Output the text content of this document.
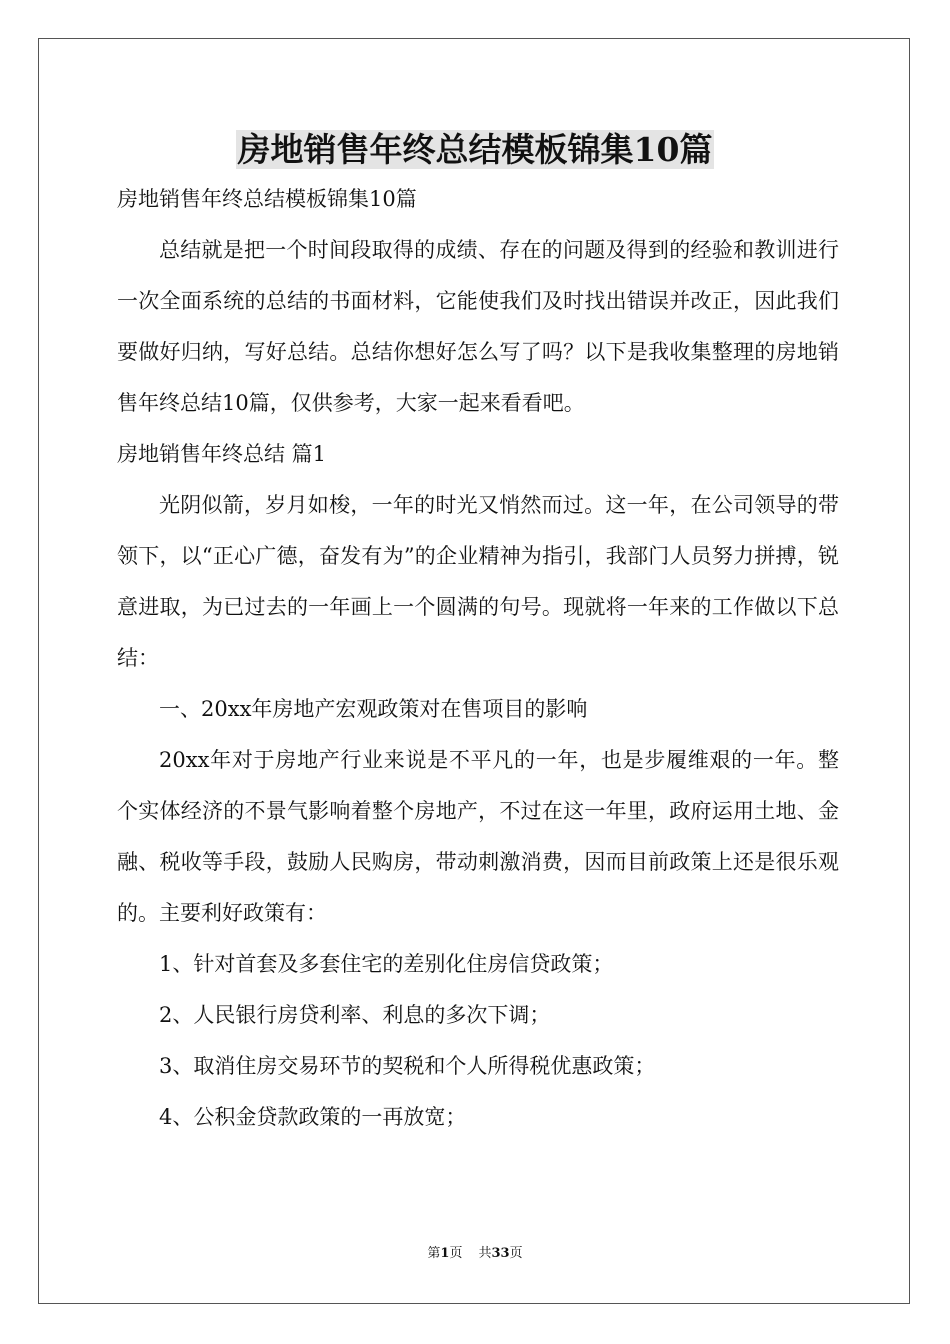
房地销售年终总结模板锦集10篇

房地销售年终总结模板锦集10篇

总结就是把一个时间段取得的成绩、存在的问题及得到的经验和教训进行一次全面系统的总结的书面材料，它能使我们及时找出错误并改正，因此我们要做好归纳，写好总结。总结你想好怎么写了吗？以下是我收集整理的房地销售年终总结10篇，仅供参考，大家一起来看看吧。

房地销售年终总结 篇1

光阴似箭，岁月如梭，一年的时光又悄然而过。这一年，在公司领导的带领下，以“正心广德，奋发有为”的企业精神为指引，我部门人员努力拼搏，锐意进取，为已过去的一年画上一个圆满的句号。现就将一年来的工作做以下总结：

一、20xx年房地产宏观政策对在售项目的影响

20xx年对于房地产行业来说是不平凡的一年，也是步履维艰的一年。整个实体经济的不景气影响着整个房地产，不过在这一年里，政府运用土地、金融、税收等手段，鼓励人民购房，带动刺激消费，因而目前政策上还是很乐观的。主要利好政策有：

1、针对首套及多套住宅的差别化住房信贷政策；

2、人民银行房贷利率、利息的多次下调；

3、取消住房交易环节的契税和个人所得税优惠政策；

4、公积金贷款政策的一再放宽；

第1页 共33页
